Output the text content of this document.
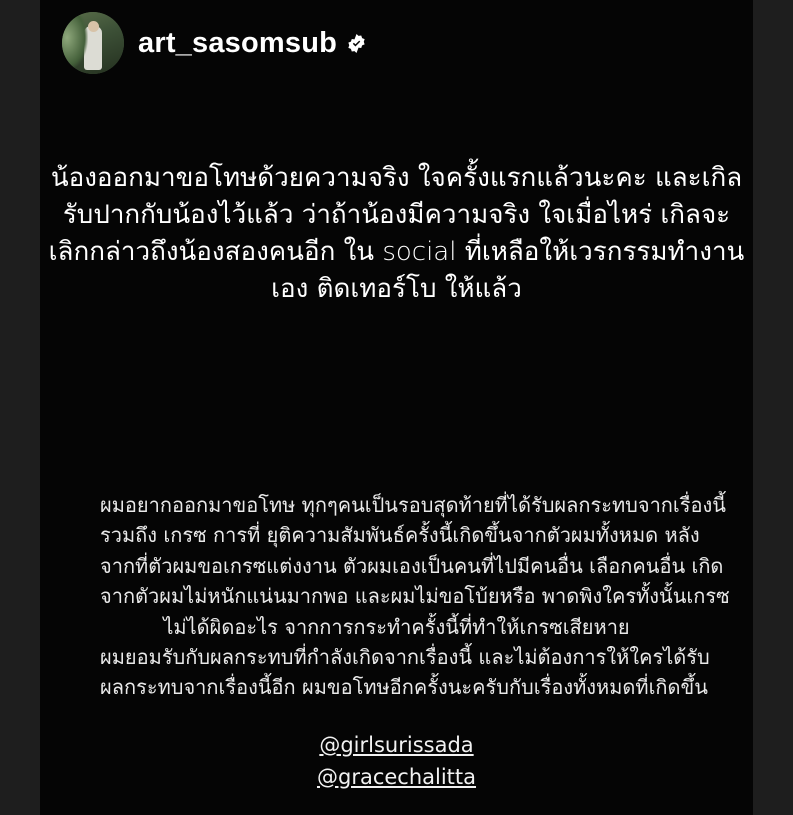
art_sasomsub
น้องออกมาขอโทษด้วยความจริง ใจครั้งแรกแล้วนะคะ และเกิลรับปากกับน้องไว้แล้ว ว่าถ้าน้องมีความจริง ใจเมื่อไหร่ เกิลจะเลิกกล่าวถึงน้องสองคนอีก ใน social ที่เหลือให้เวรกรรมทำงานเอง ติดเทอร์โบ ให้แล้ว
ผมอยากออกมาขอโทษ ทุกๆคนเป็นรอบสุดท้ายที่ได้รับผลกระทบจากเรื่องนี้
รวมถึง เกรซ การที่ ยุติความสัมพันธ์ครั้งนี้เกิดขึ้นจากตัวผมทั้งหมด หลัง
จากที่ตัวผมขอเกรซแต่งงาน ตัวผมเองเป็นคนที่ไปมีคนอื่น เลือกคนอื่น เกิด
จากตัวผมไม่หนักแน่นมากพอ และผมไม่ขอโบ้ยหรือ พาดพิงใครทั้งนั้นเกรซ
ไม่ได้ผิดอะไร จากการกระทำครั้งนี้ที่ทำให้เกรซเสียหาย
ผมยอมรับกับผลกระทบที่กำลังเกิดจากเรื่องนี้ และไม่ต้องการให้ใครได้รับ
ผลกระทบจากเรื่องนี้อีก ผมขอโทษอีกครั้งนะครับกับเรื่องทั้งหมดที่เกิดขึ้น
@girlsurissada
@gracechalitta
